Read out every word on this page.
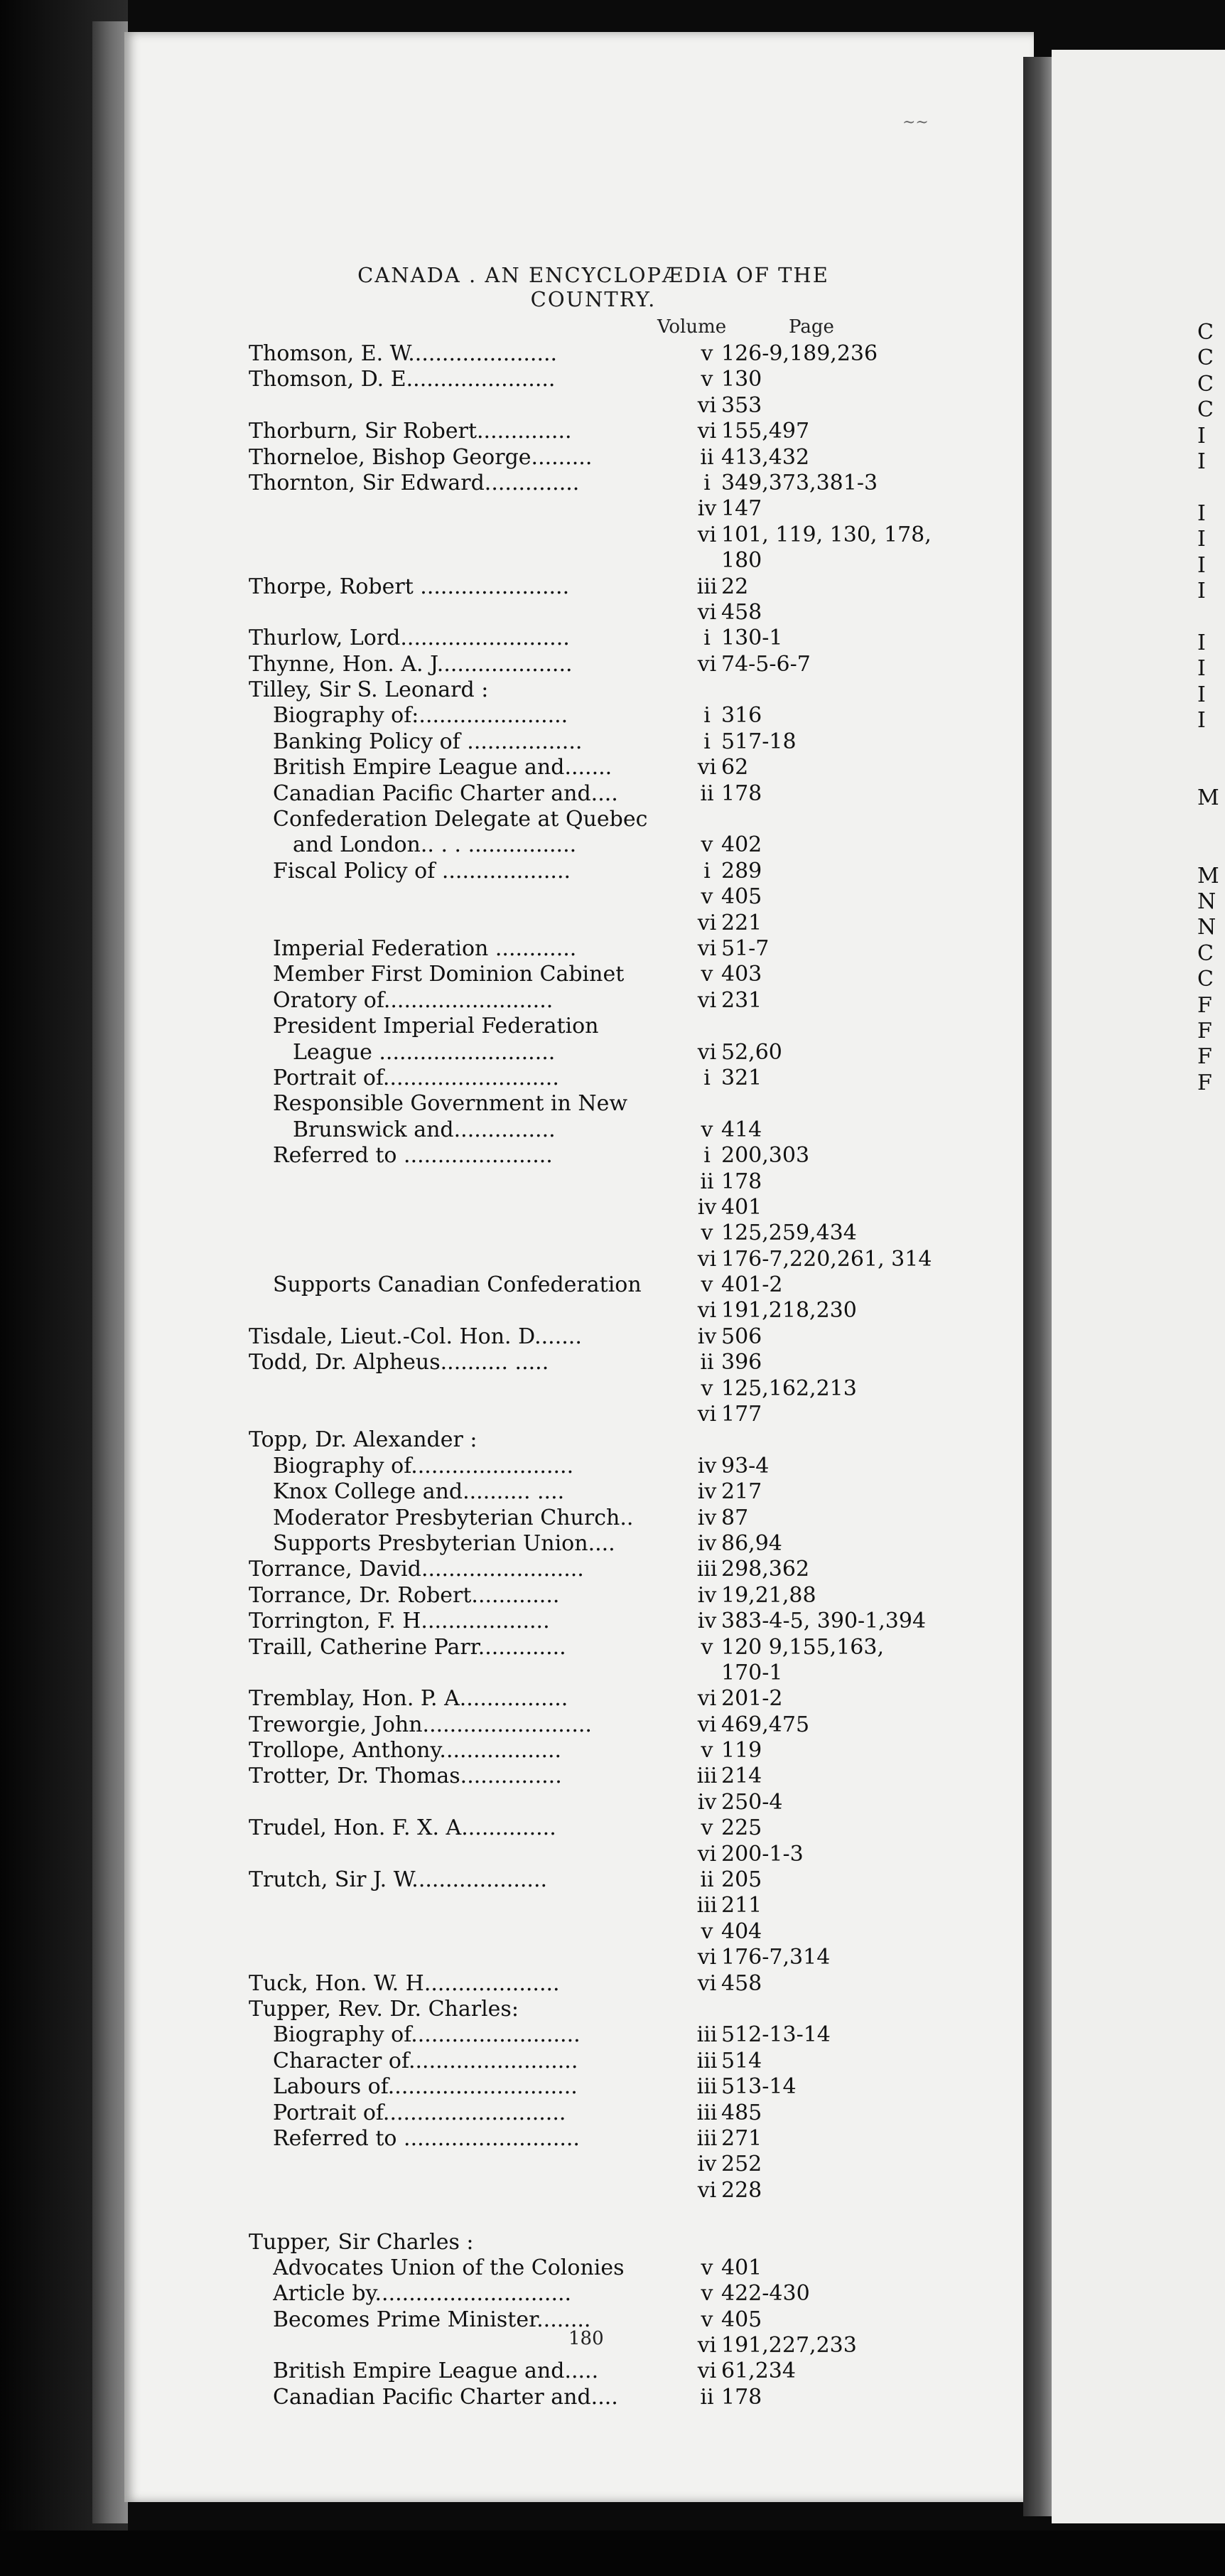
~~
CANADA . AN ENCYCLOPÆDIA OF THE COUNTRY.
Volume	Page
Thomson, E. W......................	v 126-9,189,236
Thomson, D. E......................	v 130
vi 353
Thorburn, Sir Robert..............	vi 155,497
Thorneloe, Bishop George.........	ii 413,432
Thornton, Sir Edward..............	i 349,373,381-3
iv 147
vi 101, 119, 130, 178,
180
Thorpe, Robert ......................	iii 22
vi 458
Thurlow, Lord.........................	i 130-1
Thynne, Hon. A. J....................	vi 74-5-6-7
Tilley, Sir S. Leonard :
Biography of:......................	i 316
Banking Policy of .................	i 517-18
British Empire League and.......	vi 62
Canadian Pacific Charter and....	ii 178
Confederation Delegate at Quebec
and London.. . . ................	v 402
Fiscal Policy of ...................	i 289
v 405
vi 221
Imperial Federation ............	vi 51-7
Member First Dominion Cabinet	v 403
Oratory of.........................	vi 231
President Imperial Federation
League ..........................	vi 52,60
Portrait of..........................	i 321
Responsible Government in New
Brunswick and...............	v 414
Referred to ......................	i 200,303
ii 178
iv 401
v 125,259,434
vi 176-7,220,261, 314
Supports Canadian Confederation	v 401-2
vi 191,218,230
Tisdale, Lieut.-Col. Hon. D.......	iv 506
Todd, Dr. Alpheus.......... .....	ii 396
v 125,162,213
vi 177
Topp, Dr. Alexander :
Biography of........................	iv 93-4
Knox College and.......... ....	iv 217
Moderator Presbyterian Church..	iv 87
Supports Presbyterian Union....	iv 86,94
Torrance, David........................	iii 298,362
Torrance, Dr. Robert.............	iv 19,21,88
Torrington, F. H...................	iv 383-4-5, 390-1,394
Traill, Catherine Parr.............	v 120 9,155,163,
170-1
Tremblay, Hon. P. A................	vi 201-2
Treworgie, John.........................	vi 469,475
Trollope, Anthony..................	v 119
Trotter, Dr. Thomas...............	iii 214
iv 250-4
Trudel, Hon. F. X. A..............	v 225
vi 200-1-3
Trutch, Sir J. W....................	ii 205
iii 211
v 404
vi 176-7,314
Tuck, Hon. W. H....................	vi 458
Tupper, Rev. Dr. Charles:
Biography of.........................	iii 512-13-14
Character of.........................	iii 514
Labours of............................	iii 513-14
Portrait of...........................	iii 485
Referred to ..........................	iii 271
iv 252
vi 228
Tupper, Sir Charles :
Advocates Union of the Colonies	v 401
Article by.............................	v 422-430
Becomes Prime Minister........	v 405
vi 191,227,233
British Empire League and.....	vi 61,234
Canadian Pacific Charter and....	ii 178
C
C
C
C
I
I

I
I
I
I

I
I
I
I

M

M
N
N
C
C
F
F
F
F
180
